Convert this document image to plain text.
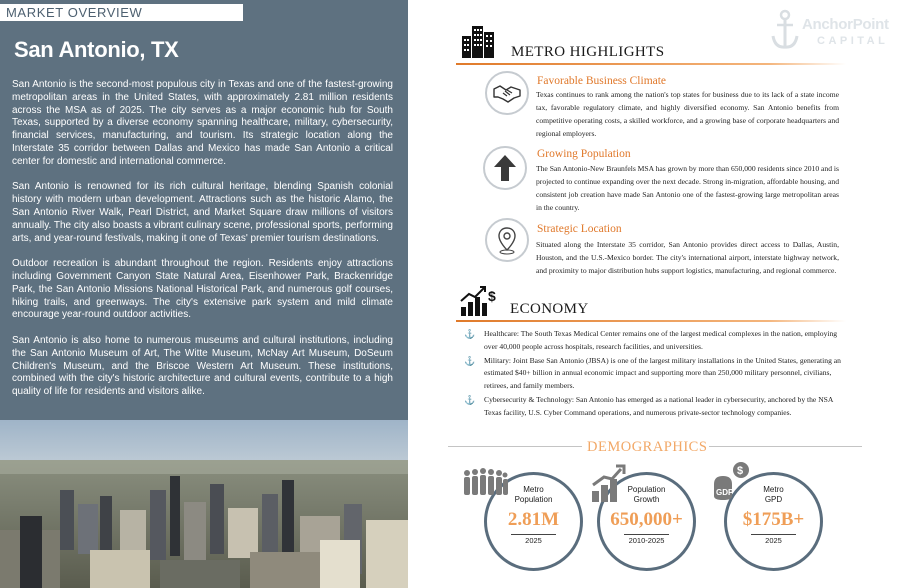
MARKET OVERVIEW
San Antonio, TX

San Antonio is the second-most populous city in Texas and one of the fastest-growing metropolitan areas in the United States, with approximately 2.81 million residents across the MSA as of 2025. The city serves as a major economic hub for South Texas, supported by a diverse economy spanning healthcare, military, cybersecurity, financial services, manufacturing, and tourism. Its strategic location along the Interstate 35 corridor between Dallas and Mexico has made San Antonio a critical center for domestic and international commerce.

San Antonio is renowned for its rich cultural heritage, blending Spanish colonial history with modern urban development. Attractions such as the historic Alamo, the San Antonio River Walk, Pearl District, and Market Square draw millions of visitors annually. The city also boasts a vibrant culinary scene, professional sports, performing arts, and year-round festivals, making it one of Texas' premier tourism destinations.

Outdoor recreation is abundant throughout the region. Residents enjoy attractions including Government Canyon State Natural Area, Eisenhower Park, Brackenridge Park, the San Antonio Missions National Historical Park, and numerous golf courses, hiking trails, and greenways. The city's extensive park system and mild climate encourage year-round outdoor activities.

San Antonio is also home to numerous museums and cultural institutions, including the San Antonio Museum of Art, The Witte Museum, McNay Art Museum, DoSeum Children's Museum, and the Briscoe Western Art Museum. These institutions, combined with the city's historic architecture and cultural events, contribute to a high quality of life for residents and visitors alike.

AnchorPoint
CAPITAL
METRO HIGHLIGHTS
Favorable Business Climate
Texas continues to rank among the nation's top states for business due to its lack of a state income tax, favorable regulatory climate, and highly diversified economy. San Antonio benefits from competitive operating costs, a skilled workforce, and a growing base of corporate headquarters and regional employers.
Growing Population
The San Antonio-New Braunfels MSA has grown by more than 650,000 residents since 2010 and is projected to continue expanding over the next decade. Strong in-migration, affordable housing, and consistent job creation have made San Antonio one of the fastest-growing large metropolitan areas in the country.
Strategic Location
Situated along the Interstate 35 corridor, San Antonio provides direct access to Dallas, Austin, Houston, and the U.S.-Mexico border. The city's international airport, interstate highway network, and proximity to major distribution hubs support logistics, manufacturing, and regional commerce.
$
ECONOMY
⚓ Healthcare: The South Texas Medical Center remains one of the largest medical complexes in the nation, employing over 40,000 people across hospitals, research facilities, and universities.
⚓ Military: Joint Base San Antonio (JBSA) is one of the largest military installations in the United States, generating an estimated $40+ billion in annual economic impact and supporting more than 250,000 military personnel, civilians, retirees, and family members.
⚓ Cybersecurity & Technology: San Antonio has emerged as a national leader in cybersecurity, anchored by the NSA Texas facility, U.S. Cyber Command operations, and numerous private-sector technology companies.
DEMOGRAPHICS
Metro
Population
2.81M
2025
Population
Growth
650,000+
2010-2025
Metro
GPD
$175B+
2025
$
GDP
